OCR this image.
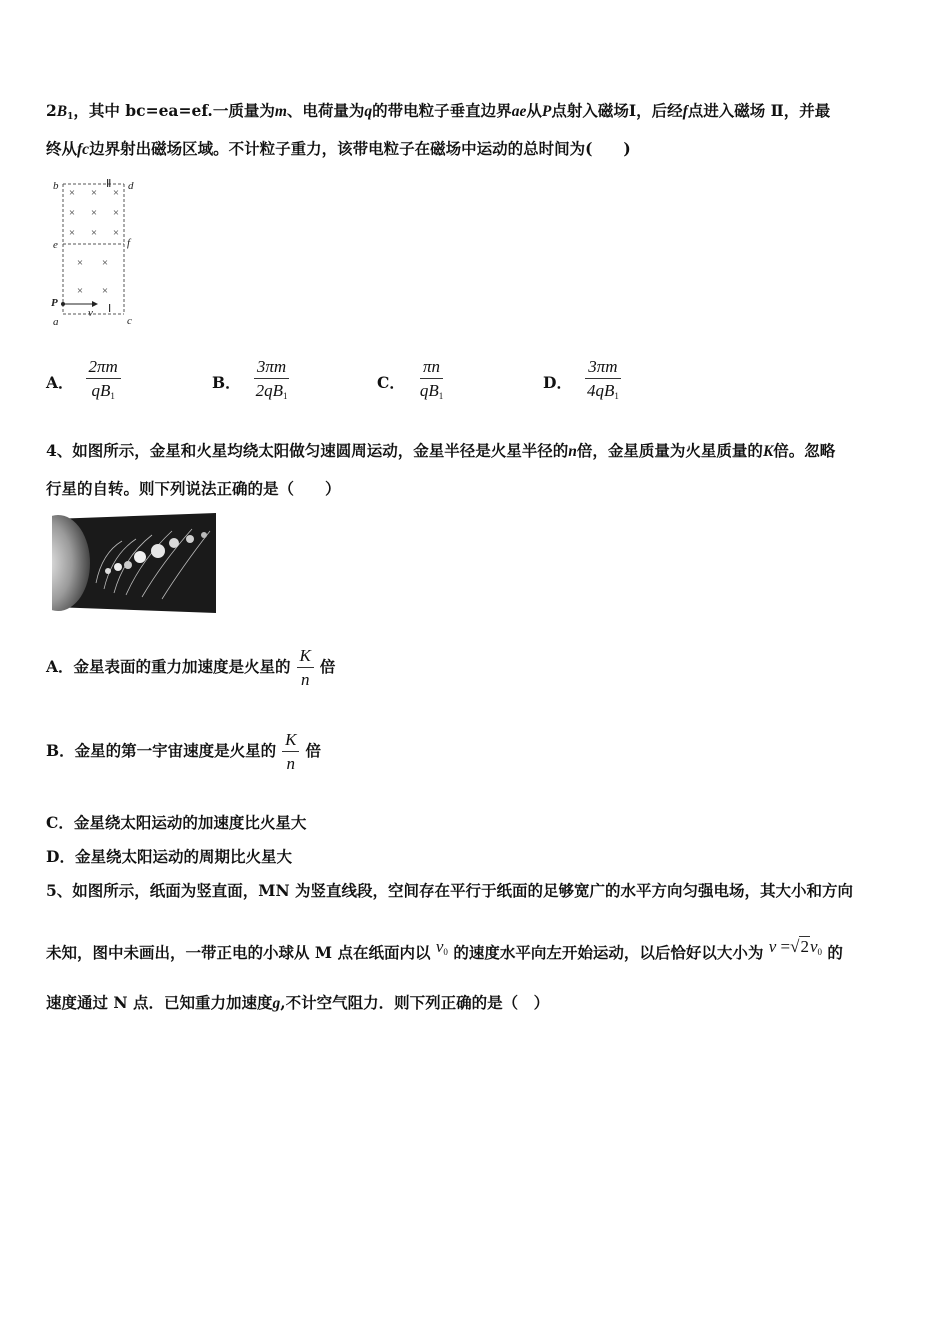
$2B_1$，其中 bc=ea=ef.一质量为m、电荷量为q的带电粒子垂直边界ae从P点射入磁场Ⅰ，后经f点进入磁场 Ⅱ，并最
终从fc边界射出磁场区域。不计粒子重力，该带电粒子在磁场中运动的总时间为(　　)
× × ×
× × ×
× × ×
× ×
× ×
b	d
e	f
P
v
a	c
Ⅱ
Ⅰ
A． $\frac{2\pi m}{qB_1}$	B． $\frac{3\pi m}{2qB_1}$	C． $\frac{\pi n}{qB_1}$	D． $\frac{3\pi m}{4qB_1}$
4、如图所示，金星和火星均绕太阳做匀速圆周运动，金星半径是火星半径的n倍，金星质量为火星质量的K倍。忽略
行星的自转。则下列说法正确的是（　　）
A．金星表面的重力加速度是火星的 $\frac{K}{n}$ 倍
B．金星的第一宇宙速度是火星的 $\frac{K}{n}$ 倍
C．金星绕太阳运动的加速度比火星大
D．金星绕太阳运动的周期比火星大
5、如图所示，纸面为竖直面，MN 为竖直线段，空间存在平行于纸面的足够宽广的水平方向匀强电场，其大小和方向
未知，图中未画出，一带正电的小球从 M 点在纸面内以 $v_0$ 的速度水平向左开始运动，以后恰好以大小为 $v =√2v_0$ 的
速度通过 N 点．已知重力加速度g,不计空气阻力．则下列正确的是（　）
